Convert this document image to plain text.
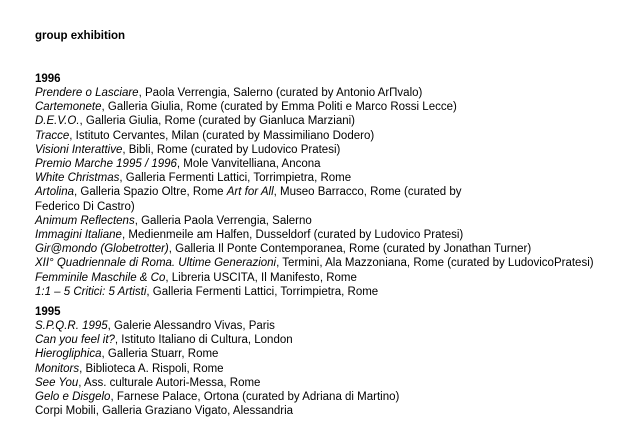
group exhibition
1996
Prendere o Lasciare, Paola Verrengia, Salerno (curated by Antonio ArПvalo)
Cartemonete, Galleria Giulia, Rome (curated by Emma Politi e Marco Rossi Lecce)
D.E.V.O., Galleria Giulia, Rome (curated by Gianluca Marziani)
Tracce, Istituto Cervantes, Milan (curated by Massimiliano Dodero)
Visioni Interattive, Bibli, Rome (curated by Ludovico Pratesi)
Premio Marche 1995 / 1996, Mole Vanvitelliana, Ancona
White Christmas, Galleria Fermenti Lattici, Torrimpietra, Rome
Artolina, Galleria Spazio Oltre, Rome Art for All, Museo Barracco, Rome (curated by
Federico Di Castro)
Animum Reflectens, Galleria Paola Verrengia, Salerno
Immagini Italiane, Medienmeile am Halfen, Dusseldorf (curated by Ludovico Pratesi)
Gir@mondo (Globetrotter), Galleria Il Ponte Contemporanea, Rome (curated by Jonathan Turner)
XII° Quadriennale di Roma. Ultime Generazioni, Termini, Ala Mazzoniana, Rome (curated by LudovicoPratesi)
Femminile Maschile & Co, Libreria USCITA, Il Manifesto, Rome
1:1 – 5 Critici: 5 Artisti, Galleria Fermenti Lattici, Torrimpietra, Rome
1995
S.P.Q.R. 1995, Galerie Alessandro Vivas, Paris
Can you feel it?, Istituto Italiano di Cultura, London
Hierogliphica, Galleria Stuarr, Rome
Monitors, Biblioteca A. Rispoli, Rome
See You, Ass. culturale Autori-Messa, Rome
Gelo e Disgelo, Farnese Palace, Ortona (curated by Adriana di Martino)
Corpi Mobili, Galleria Graziano Vigato, Alessandria
